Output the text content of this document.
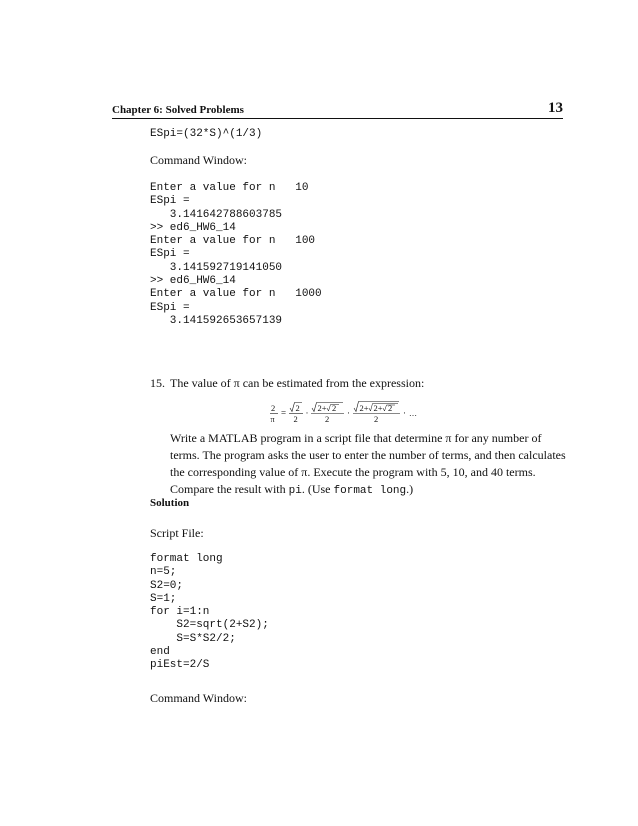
Chapter 6: Solved Problems	13
ESpi=(32*S)^(1/3)
Command Window:
Enter a value for n   10
ESpi =
3.141642788603785
>> ed6_HW6_14
Enter a value for n   100
ESpi =
3.141592719141050
>> ed6_HW6_14
Enter a value for n   1000
ESpi =
3.141592653657139
15. The value of π can be estimated from the expression:
2
π
= 2
2
· 2+ 2
2
· 2+ 2+ 2
2
· …
Write a MATLAB program in a script file that determine π for any number of terms. The program asks the user to enter the number of terms, and then calculates the corresponding value of π. Execute the program with 5, 10, and 40 terms. Compare the result with pi. (Use format long.)
Solution
Script File:
format long
n=5;
S2=0;
S=1;
for i=1:n
S2=sqrt(2+S2);
S=S*S2/2;
end
piEst=2/S
Command Window:
